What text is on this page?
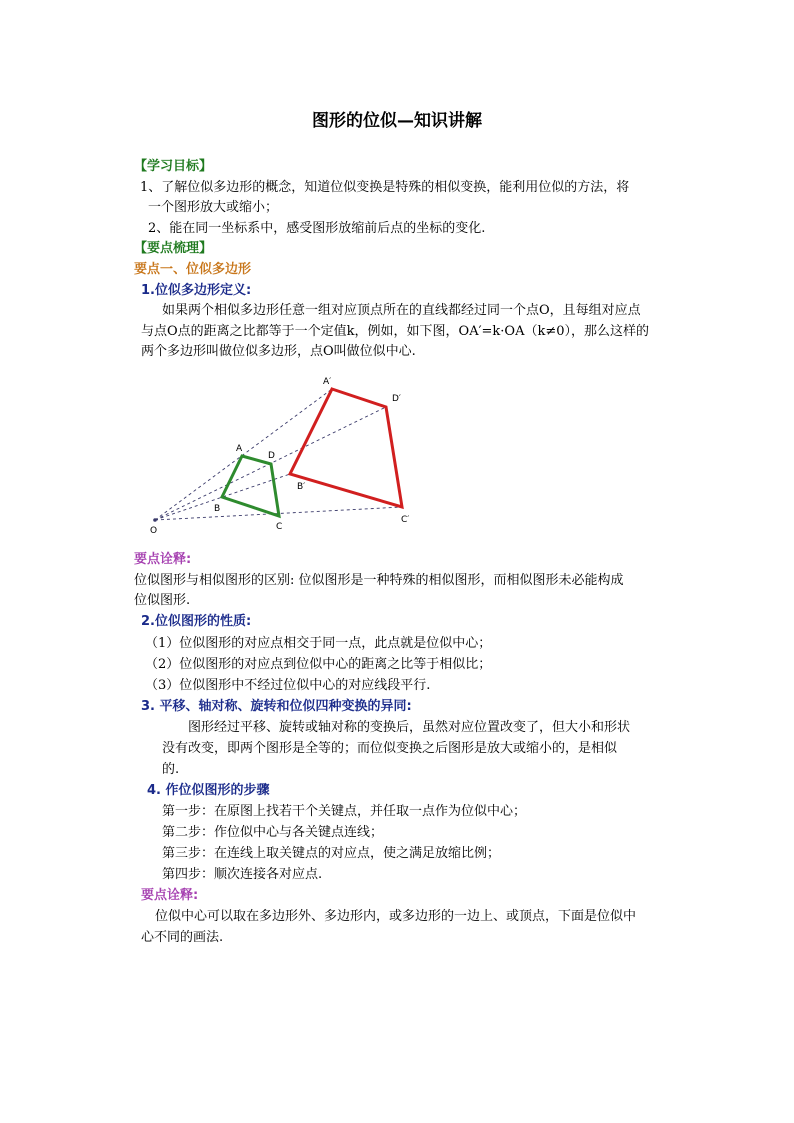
图形的位似—知识讲解
【学习目标】
1、了解位似多边形的概念，知道位似变换是特殊的相似变换，能利用位似的方法，将
一个图形放大或缩小；
2、能在同一坐标系中，感受图形放缩前后点的坐标的变化.
【要点梳理】
要点一、位似多边形
1.位似多边形定义:
如果两个相似多边形任意一组对应顶点所在的直线都经过同一个点O，且每组对应点
与点O点的距离之比都等于一个定值k，例如，如下图，OA′=k·OA（k≠0），那么这样的
两个多边形叫做位似多边形，点O叫做位似中心.
O
A
D
B
C
A′
D′
B′
C′
要点诠释:
位似图形与相似图形的区别: 位似图形是一种特殊的相似图形，而相似图形未必能构成
位似图形.
2.位似图形的性质:
（1）位似图形的对应点相交于同一点，此点就是位似中心；
（2）位似图形的对应点到位似中心的距离之比等于相似比；
（3）位似图形中不经过位似中心的对应线段平行.
3. 平移、轴对称、旋转和位似四种变换的异同:
图形经过平移、旋转或轴对称的变换后，虽然对应位置改变了，但大小和形状
没有改变，即两个图形是全等的；而位似变换之后图形是放大或缩小的，是相似
的.
4. 作位似图形的步骤
第一步：在原图上找若干个关键点，并任取一点作为位似中心；
第二步：作位似中心与各关键点连线；
第三步：在连线上取关键点的对应点，使之满足放缩比例；
第四步：顺次连接各对应点.
要点诠释:
位似中心可以取在多边形外、多边形内，或多边形的一边上、或顶点，下面是位似中
心不同的画法.
